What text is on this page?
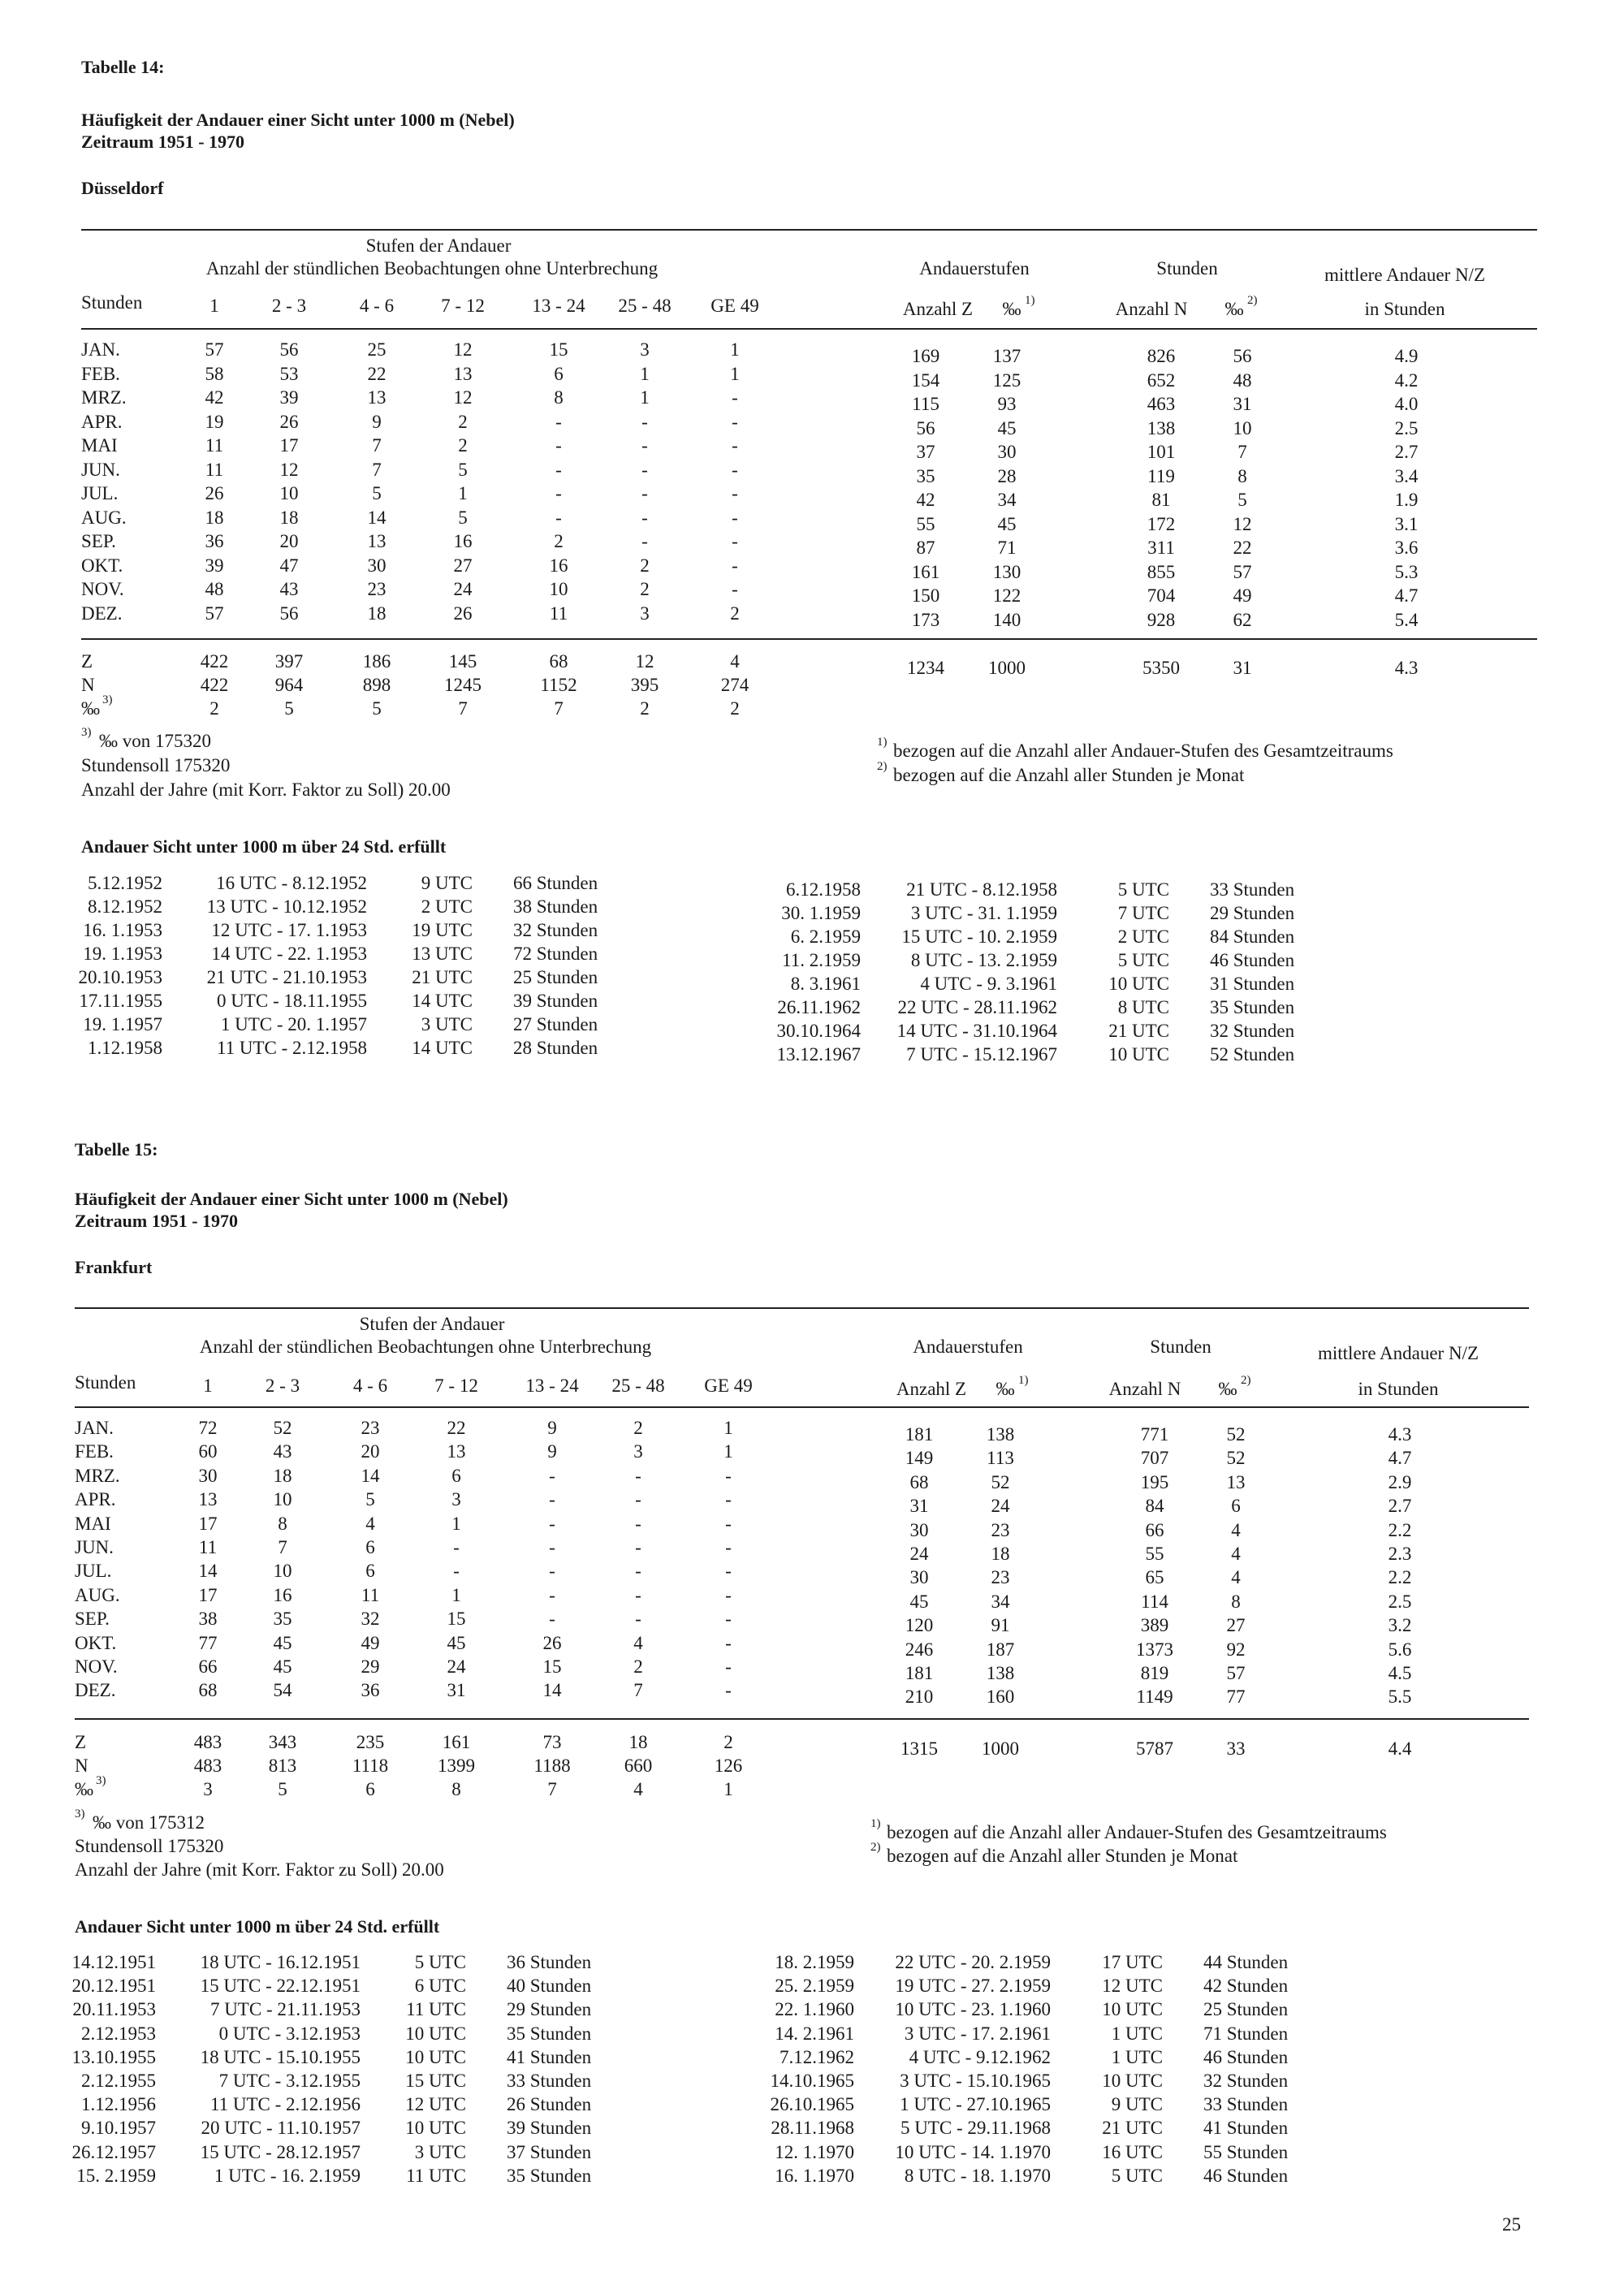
Tabelle 14:
Häufigkeit der Andauer einer Sicht unter 1000 m (Nebel)
Zeitraum 1951 - 1970
Düsseldorf
Stufen der Andauer
Anzahl der stündlichen Beobachtungen ohne Unterbrechung
Stunden	1	2 - 3	4 - 6	7 - 12	13 - 24 25 - 48 GE 49
Andauerstufen
Anzahl Z ‰ 1)
Stunden
Anzahl N ‰ 2)
mittlere Andauer N/Z
in Stunden
JAN.	57	56	25	12	15	3	1	169	137	826	56	4.9
FEB.	58	53	22	13	6	1	1	154	125	652	48	4.2
MRZ.	42	39	13	12	8	1	-	115	93	463	31	4.0
APR.	19	26	9	2	-	-	-	56	45	138	10	2.5
MAI	11	17	7	2	-	-	-	37	30	101	7	2.7
JUN.	11	12	7	5	-	-	-	35	28	119	8	3.4
JUL.	26	10	5	1	-	-	-	42	34	81	5	1.9
AUG.	18	18	14	5	-	-	-	55	45	172	12	3.1
SEP.	36	20	13	16	2	-	-	87	71	311	22	3.6
OKT.	39	47	30	27	16	2	-	161	130	855	57	5.3
NOV.	48	43	23	24	10	2	-	150	122	704	49	4.7
DEZ.	57	56	18	26	11	3	2	173	140	928	62	5.4
Z	422	397	186	145	68	12	4	1234 1000	5350	31	4.3
N	422	964	898	1245	1152	395	274
‰ 3)	2	5	5	7	7	2	2
3) ‰ von 175320
Stundensoll 175320
Anzahl der Jahre (mit Korr. Faktor zu Soll) 20.00
1) bezogen auf die Anzahl aller Andauer-Stufen des Gesamtzeitraums
2) bezogen auf die Anzahl aller Stunden je Monat
Andauer Sicht unter 1000 m über 24 Std. erfüllt
5.12.1952	16 UTC - 8.12.1952	9 UTC 66 Stunden
8.12.1952 13 UTC - 10.12.1952	2 UTC 38 Stunden
16. 1.1953	12 UTC - 17. 1.1953 19 UTC 32 Stunden
19. 1.1953	14 UTC - 22. 1.1953 13 UTC 72 Stunden
20.10.1953 21 UTC - 21.10.1953 21 UTC 25 Stunden
17.11.1955	0 UTC - 18.11.1955 14 UTC 39 Stunden
19. 1.1957	1 UTC - 20. 1.1957	3 UTC 27 Stunden
1.12.1958	11 UTC - 2.12.1958 14 UTC 28 Stunden
6.12.1958 21 UTC - 8.12.1958	5 UTC 33 Stunden
30. 1.1959	3 UTC - 31. 1.1959	7 UTC 29 Stunden
6. 2.1959 15 UTC - 10. 2.1959	2 UTC 84 Stunden
11. 2.1959	8 UTC - 13. 2.1959	5 UTC 46 Stunden
8. 3.1961	4 UTC - 9. 3.1961	10 UTC 31 Stunden
26.11.1962 22 UTC - 28.11.1962	8 UTC 35 Stunden
30.10.1964 14 UTC - 31.10.1964	21 UTC 32 Stunden
13.12.1967 7 UTC - 15.12.1967	10 UTC 52 Stunden
Tabelle 15:
Häufigkeit der Andauer einer Sicht unter 1000 m (Nebel)
Zeitraum 1951 - 1970
Frankfurt
Stufen der Andauer
Anzahl der stündlichen Beobachtungen ohne Unterbrechung
Stunden	1	2 - 3	4 - 6	7 - 12	13 - 24 25 - 48 GE 49
Andauerstufen
Anzahl Z ‰ 1)
Stunden
Anzahl N ‰ 2)
mittlere Andauer N/Z
in Stunden
JAN.	72	52	23	22	9	2	1	181	138	771	52	4.3
FEB.	60	43	20	13	9	3	1	149	113	707	52	4.7
MRZ.	30	18	14	6	-	-	-	68	52	195	13	2.9
APR.	13	10	5	3	-	-	-	31	24	84	6	2.7
MAI	17	8	4	1	-	-	-	30	23	66	4	2.2
JUN.	11	7	6	-	-	-	-	24	18	55	4	2.3
JUL.	14	10	6	-	-	-	-	30	23	65	4	2.2
AUG.	17	16	11	1	-	-	-	45	34	114	8	2.5
SEP.	38	35	32	15	-	-	-	120	91	389	27	3.2
OKT.	77	45	49	45	26	4	-	246	187	1373	92	5.6
NOV.	66	45	29	24	15	2	-	181	138	819	57	4.5
DEZ.	68	54	36	31	14	7	-	210	160	1149	77	5.5
Z	483	343	235	161	73	18	2	1315 1000	5787	33	4.4
N	483	813	1118	1399	1188	660	126
‰ 3)	3	5	6	8	7	4	1
3) ‰ von 175312
Stundensoll 175320
Anzahl der Jahre (mit Korr. Faktor zu Soll) 20.00
1) bezogen auf die Anzahl aller Andauer-Stufen des Gesamtzeitraums
2) bezogen auf die Anzahl aller Stunden je Monat
Andauer Sicht unter 1000 m über 24 Std. erfüllt
14.12.1951 18 UTC - 16.12.1951	5 UTC 36 Stunden
20.12.1951 15 UTC - 22.12.1951	6 UTC 40 Stunden
20.11.1953	7 UTC - 21.11.1953 11 UTC 29 Stunden
2.12.1953	0 UTC - 3.12.1953 10 UTC 35 Stunden
13.10.1955 18 UTC - 15.10.1955 10 UTC 41 Stunden
2.12.1955	7 UTC - 3.12.1955 15 UTC 33 Stunden
1.12.1956	11 UTC - 2.12.1956 12 UTC 26 Stunden
9.10.1957 20 UTC - 11.10.1957 10 UTC 39 Stunden
26.12.1957 15 UTC - 28.12.1957	3 UTC 37 Stunden
15. 2.1959	1 UTC - 16. 2.1959 11 UTC 35 Stunden
18. 2.1959 22 UTC - 20. 2.1959	17 UTC 44 Stunden
25. 2.1959 19 UTC - 27. 2.1959	12 UTC 42 Stunden
22. 1.1960 10 UTC - 23. 1.1960	10 UTC 25 Stunden
14. 2.1961	3 UTC - 17. 2.1961	1 UTC 71 Stunden
7.12.1962	4 UTC - 9.12.1962	1 UTC 46 Stunden
14.10.1965 3 UTC - 15.10.1965	10 UTC 32 Stunden
26.10.1965 1 UTC - 27.10.1965	9 UTC 33 Stunden
28.11.1968 5 UTC - 29.11.1968	21 UTC 41 Stunden
12. 1.1970 10 UTC - 14. 1.1970	16 UTC 55 Stunden
16. 1.1970	8 UTC - 18. 1.1970	5 UTC 46 Stunden
25
